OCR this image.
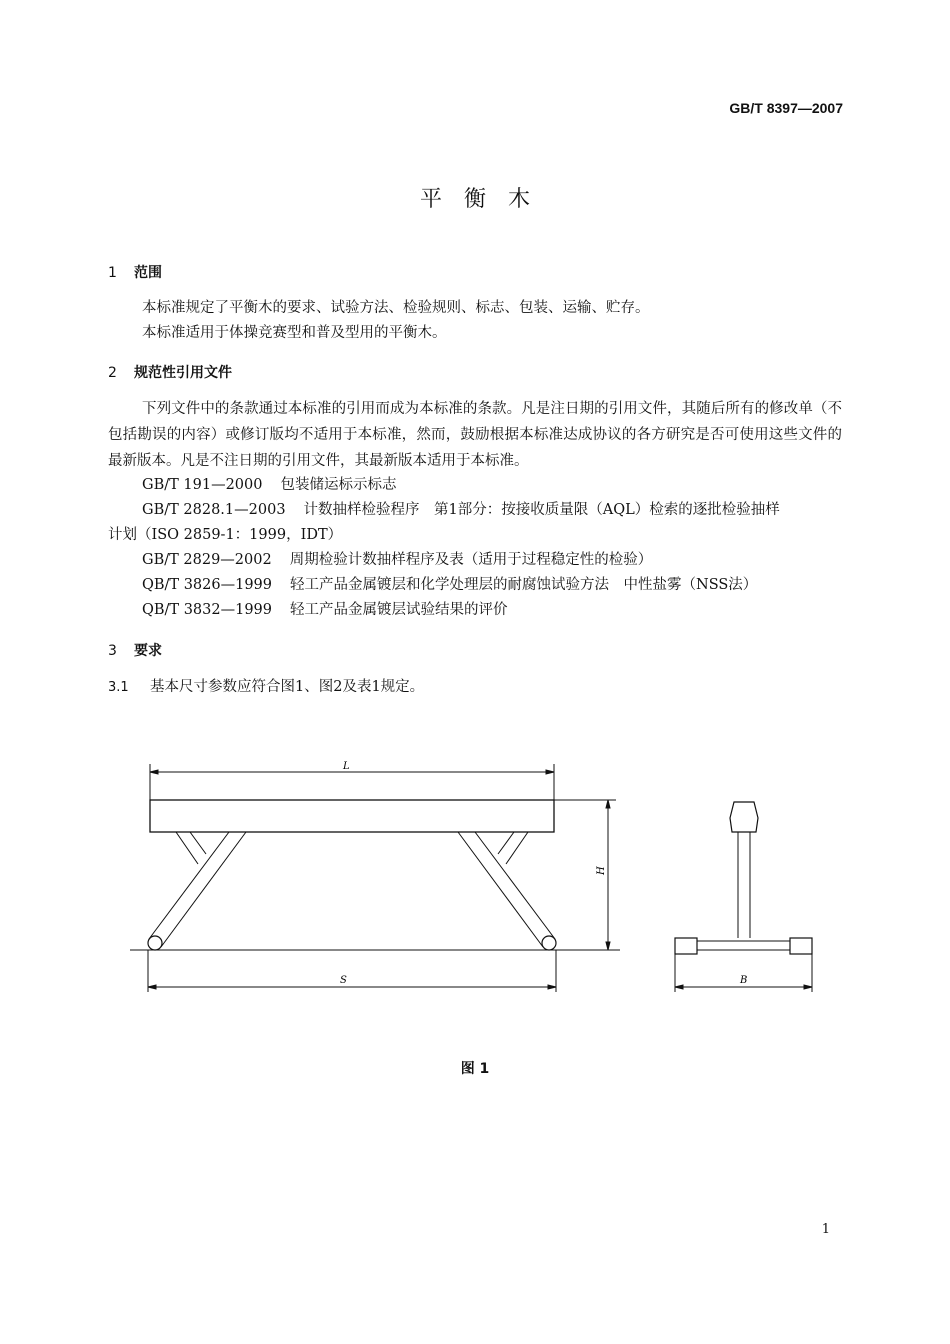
GB/T 8397—2007
平衡木
1 范围
本标准规定了平衡木的要求、试验方法、检验规则、标志、包装、运输、贮存。
本标准适用于体操竞赛型和普及型用的平衡木。
2 规范性引用文件
下列文件中的条款通过本标准的引用而成为本标准的条款。凡是注日期的引用文件，其随后所有的修改单（不包括勘误的内容）或修订版均不适用于本标准，然而，鼓励根据本标准达成协议的各方研究是否可使用这些文件的最新版本。凡是不注日期的引用文件，其最新版本适用于本标准。
GB/T 191—2000 包装储运标示标志
GB/T 2828.1—2003 计数抽样检验程序　第1部分：按接收质量限（AQL）检索的逐批检验抽样
计划（ISO 2859-1：1999，IDT）
GB/T 2829—2002 周期检验计数抽样程序及表（适用于过程稳定性的检验）
QB/T 3826—1999 轻工产品金属镀层和化学处理层的耐腐蚀试验方法　中性盐雾（NSS法）
QB/T 3832—1999 轻工产品金属镀层试验结果的评价
3 要求
3.1 基本尺寸参数应符合图1、图2及表1规定。
L
H
S	B
图 1
1
